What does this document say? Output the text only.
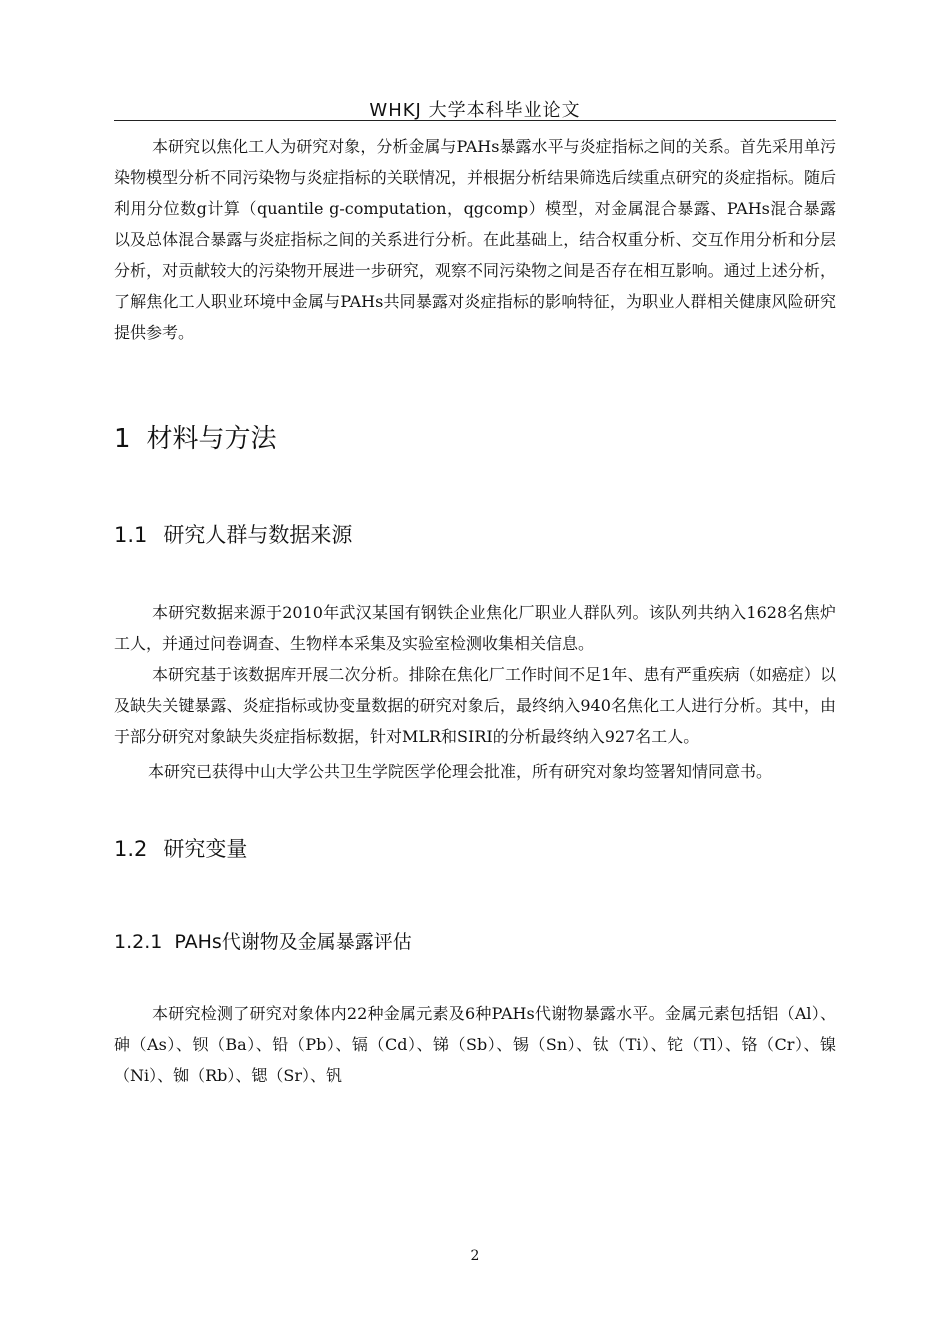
WHKJ 大学本科毕业论文

本研究以焦化工人为研究对象，分析金属与PAHs暴露水平与炎症指标之间的关系。首先采用单污染物模型分析不同污染物与炎症指标的关联情况，并根据分析结果筛选后续重点研究的炎症指标。随后利用分位数g计算（quantile g-computation，qgcomp）模型，对金属混合暴露、PAHs混合暴露以及总体混合暴露与炎症指标之间的关系进行分析。在此基础上，结合权重分析、交互作用分析和分层分析，对贡献较大的污染物开展进一步研究，观察不同污染物之间是否存在相互影响。通过上述分析，了解焦化工人职业环境中金属与PAHs共同暴露对炎症指标的影响特征，为职业人群相关健康风险研究提供参考。

1 材料与方法
1.1 研究人群与数据来源

本研究数据来源于2010年武汉某国有钢铁企业焦化厂职业人群队列。该队列共纳入1628名焦炉工人，并通过问卷调查、生物样本采集及实验室检测收集相关信息。

本研究基于该数据库开展二次分析。排除在焦化厂工作时间不足1年、患有严重疾病（如癌症）以及缺失关键暴露、炎症指标或协变量数据的研究对象后，最终纳入940名焦化工人进行分析。其中，由于部分研究对象缺失炎症指标数据，针对MLR和SIRI的分析最终纳入927名工人。

本研究已获得中山大学公共卫生学院医学伦理会批准，所有研究对象均签署知情同意书。

1.2 研究变量
1.2.1 PAHs代谢物及金属暴露评估

本研究检测了研究对象体内22种金属元素及6种PAHs代谢物暴露水平。金属元素包括铝（Al）、砷（As）、钡（Ba）、铅（Pb）、镉（Cd）、锑（Sb）、锡（Sn）、钛（Ti）、铊（Tl）、铬（Cr）、镍（Ni）、铷（Rb）、锶（Sr）、钒

2
